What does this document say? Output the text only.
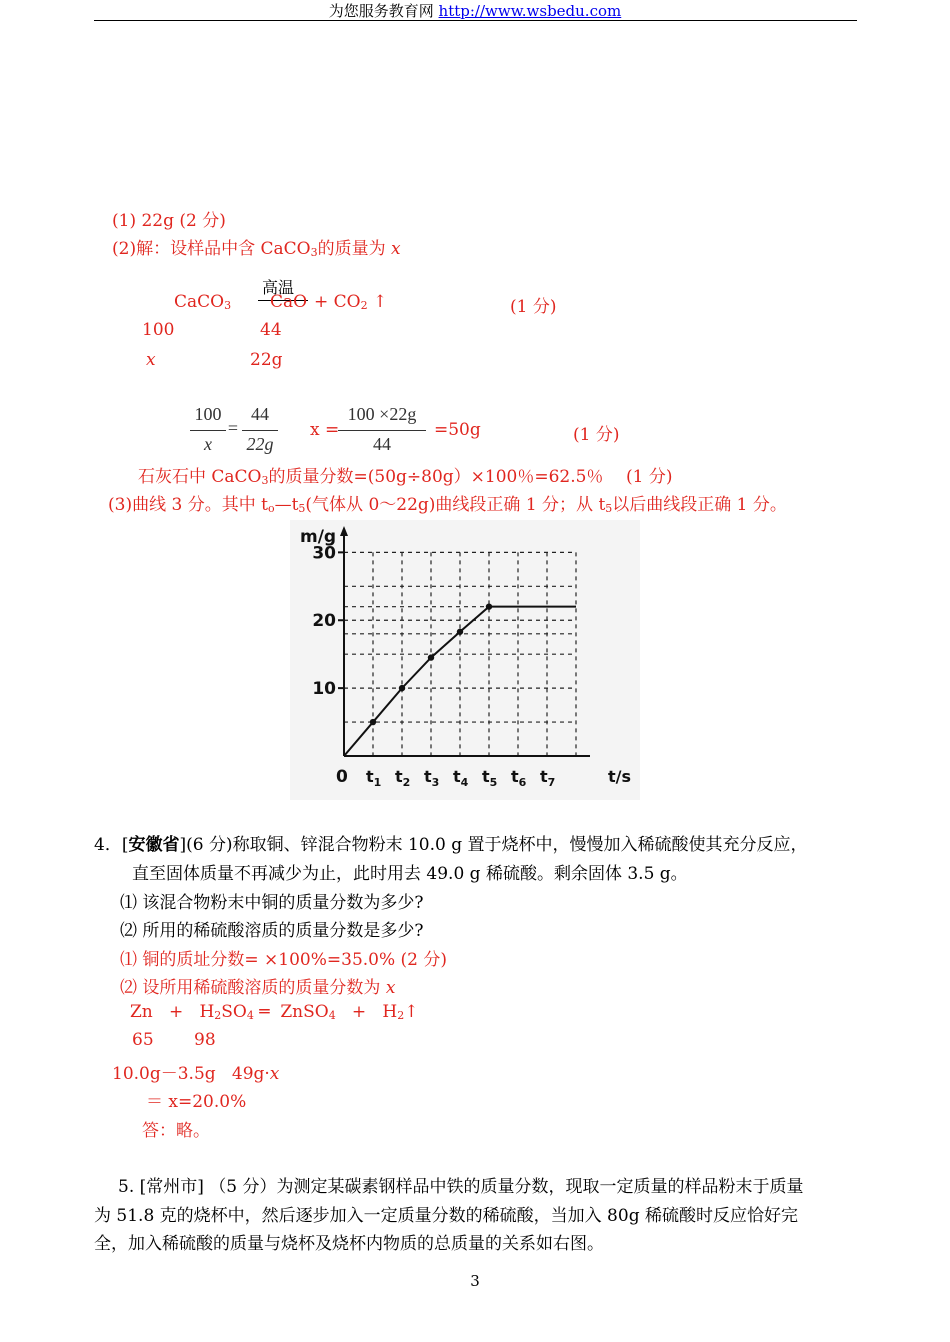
为您服务教育网 http://www.wsbedu.com
(1) 22g (2 分)
(2)解：设样品中含 CaCO$_3$的质量为 x
高温
CaCO$_3$ CaO + $CO_2$ ↑	(1 分)
100	44
x	22g
100
x
=
44
22g
x =
100 ×22g
44
=50g	(1 分)
石灰石中 CaCO$_3$的质量分数=(50g÷80g）×100％=62.5％ (1 分)
(3)曲线 3 分。其中 $t_o—t_5$(气体从 0～22g)曲线段正确 1 分；从 $t_5$以后曲线段正确 1 分。
m/g
t/s
0
10
20
30
$t_1$ $t_2$ $t_3$ $t_4$ $t_5$ $t_6$ $t_7$
4．[安徽省](6 分)称取铜、锌混合物粉末 10.0 g 置于烧杯中，慢慢加入稀硫酸使其充分反应，
直至固体质量不再减少为止，此时用去 49.0 g 稀硫酸。剩余固体 3.5 g。
⑴ 该混合物粉末中铜的质量分数为多少?
⑵ 所用的稀硫酸溶质的质量分数是多少?
⑴ 铜的质址分数= ×100%=35.0% (2 分)
⑵ 设所用稀硫酸溶质的质量分数为 x
$Zn + H_2SO_4$ ═ ZnSO$_4$ + $H_2↑$
65 98
10.0g－3.5g 49g·x
＝ x=20.0%
答：略。
5. [常州市] （5 分）为测定某碳素钢样品中铁的质量分数，现取一定质量的样品粉末于质量
为 51.8 克的烧杯中，然后逐步加入一定质量分数的稀硫酸，当加入 80g 稀硫酸时反应恰好完
全，加入稀硫酸的质量与烧杯及烧杯内物质的总质量的关系如右图。
3
